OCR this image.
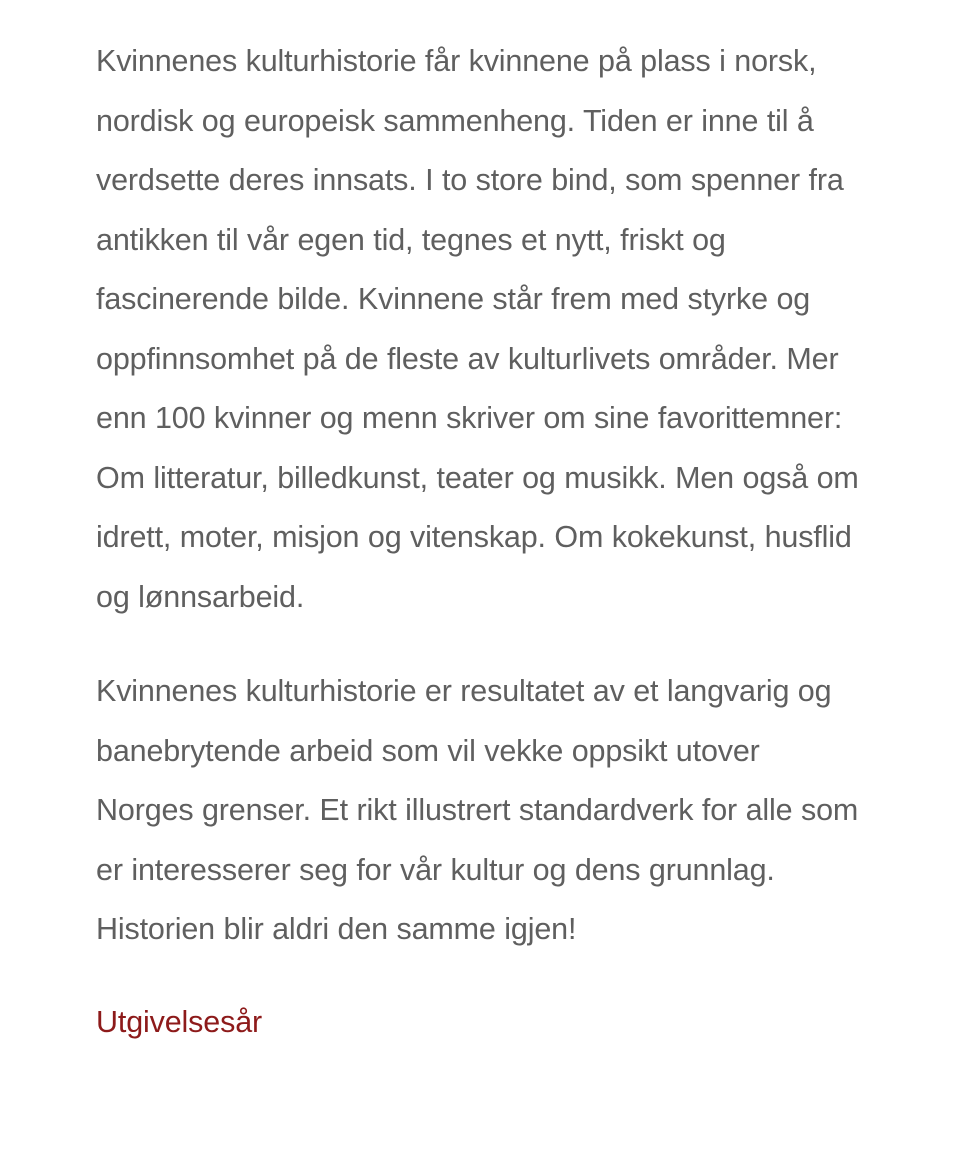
Kvinnenes kulturhistorie får kvinnene på plass i norsk, nordisk og europeisk sammenheng. Tiden er inne til å verdsette deres innsats. I to store bind, som spenner fra antikken til vår egen tid, tegnes et nytt, friskt og fascinerende bilde. Kvinnene står frem med styrke og oppfinnsomhet på de fleste av kulturlivets områder. Mer enn 100 kvinner og menn skriver om sine favorittemner: Om litteratur, billedkunst, teater og musikk. Men også om idrett, moter, misjon og vitenskap. Om kokekunst, husflid og lønnsarbeid.

Kvinnenes kulturhistorie er resultatet av et langvarig og banebrytende arbeid som vil vekke oppsikt utover Norges grenser. Et rikt illustrert standardverk for alle som er interesserer seg for vår kultur og dens grunnlag. Historien blir aldri den samme igjen!

Utgivelsesår
